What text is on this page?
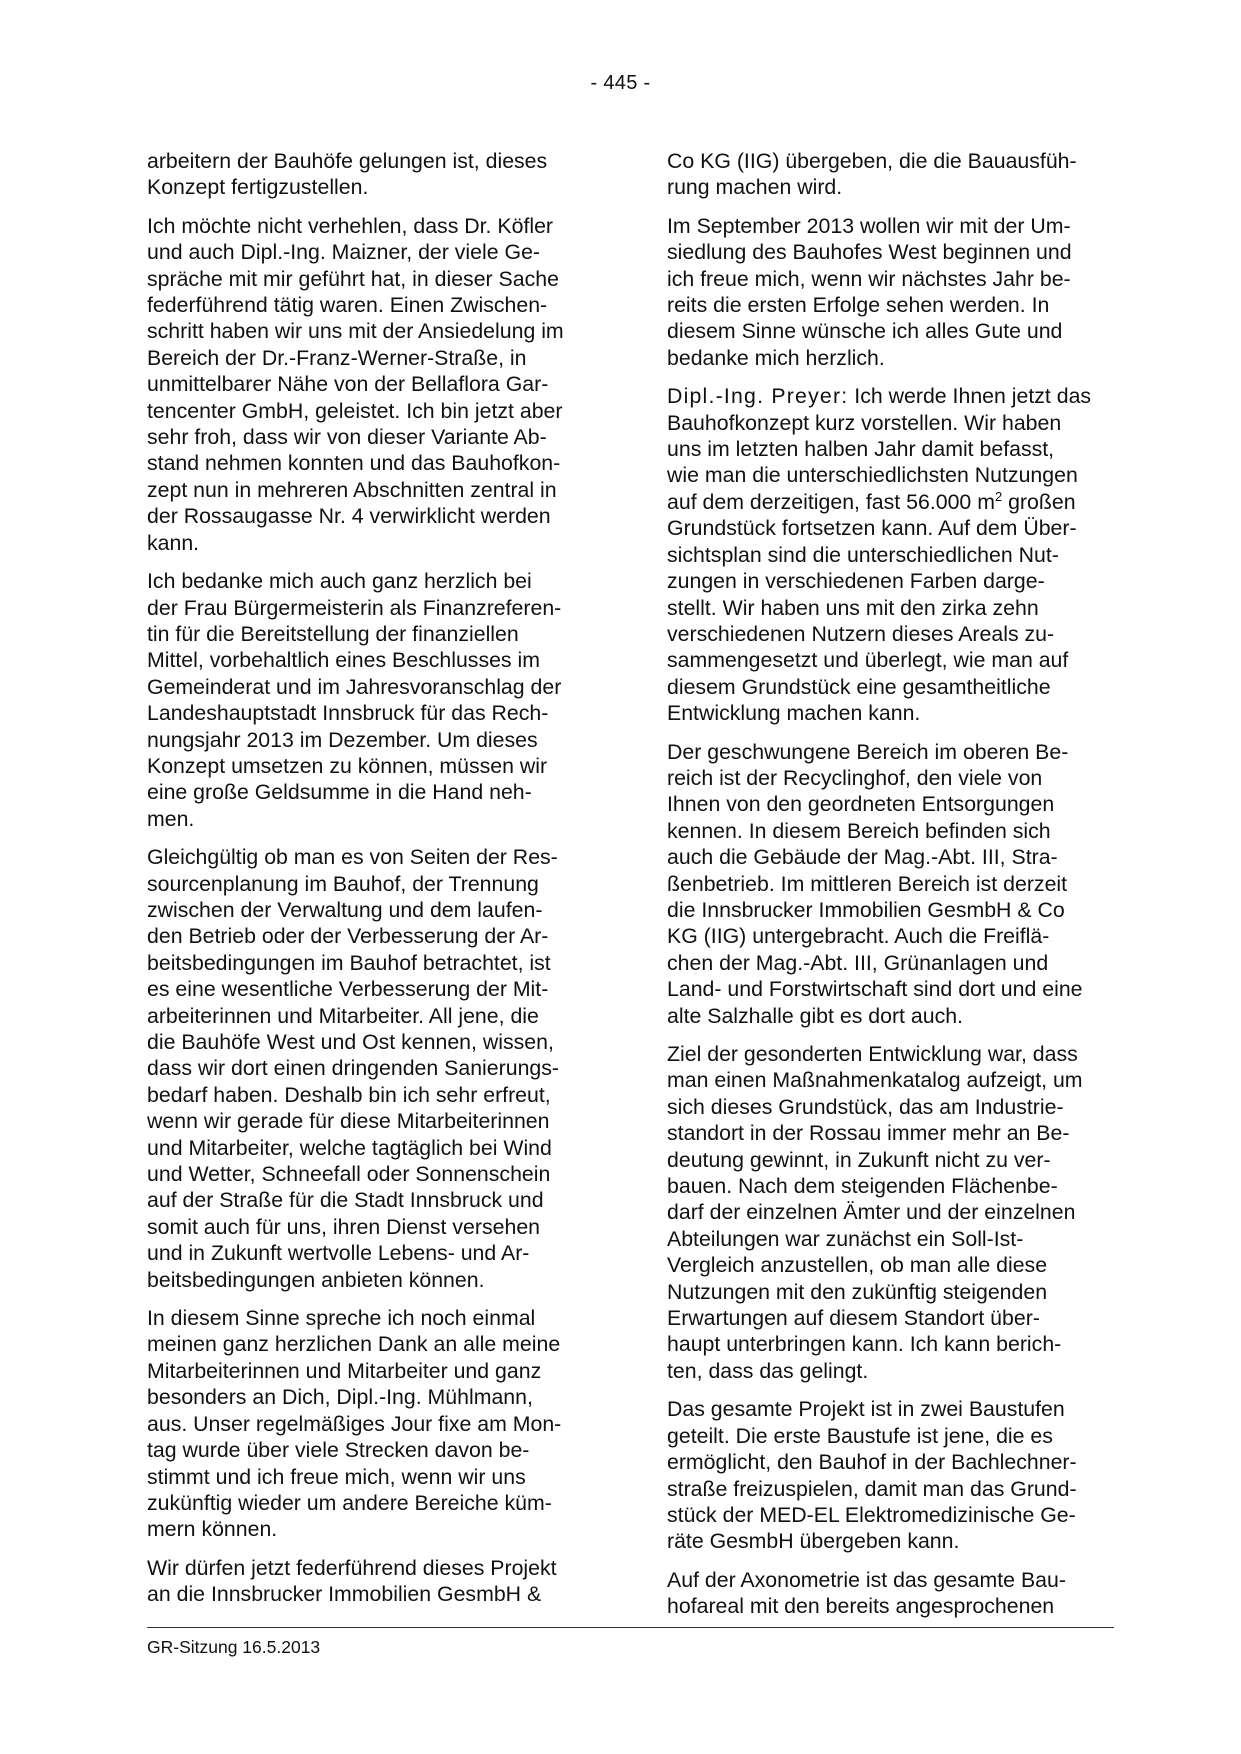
- 445 -

arbeitern der Bauhöfe gelungen ist, dieses
Konzept fertigzustellen.

Ich möchte nicht verhehlen, dass Dr. Köfler
und auch Dipl.-Ing. Maizner, der viele Ge-
spräche mit mir geführt hat, in dieser Sache
federführend tätig waren. Einen Zwischen-
schritt haben wir uns mit der Ansiedelung im
Bereich der Dr.-Franz-Werner-Straße, in
unmittelbarer Nähe von der Bellaflora Gar-
tencenter GmbH, geleistet. Ich bin jetzt aber
sehr froh, dass wir von dieser Variante Ab-
stand nehmen konnten und das Bauhofkon-
zept nun in mehreren Abschnitten zentral in
der Rossaugasse Nr. 4 verwirklicht werden
kann.

Ich bedanke mich auch ganz herzlich bei
der Frau Bürgermeisterin als Finanzreferen-
tin für die Bereitstellung der finanziellen
Mittel, vorbehaltlich eines Beschlusses im
Gemeinderat und im Jahresvoranschlag der
Landeshauptstadt Innsbruck für das Rech-
nungsjahr 2013 im Dezember. Um dieses
Konzept umsetzen zu können, müssen wir
eine große Geldsumme in die Hand neh-
men.

Gleichgültig ob man es von Seiten der Res-
sourcenplanung im Bauhof, der Trennung
zwischen der Verwaltung und dem laufen-
den Betrieb oder der Verbesserung der Ar-
beitsbedingungen im Bauhof betrachtet, ist
es eine wesentliche Verbesserung der Mit-
arbeiterinnen und Mitarbeiter. All jene, die
die Bauhöfe West und Ost kennen, wissen,
dass wir dort einen dringenden Sanierungs-
bedarf haben. Deshalb bin ich sehr erfreut,
wenn wir gerade für diese Mitarbeiterinnen
und Mitarbeiter, welche tagtäglich bei Wind
und Wetter, Schneefall oder Sonnenschein
auf der Straße für die Stadt Innsbruck und
somit auch für uns, ihren Dienst versehen
und in Zukunft wertvolle Lebens- und Ar-
beitsbedingungen anbieten können.

In diesem Sinne spreche ich noch einmal
meinen ganz herzlichen Dank an alle meine
Mitarbeiterinnen und Mitarbeiter und ganz
besonders an Dich, Dipl.-Ing. Mühlmann,
aus. Unser regelmäßiges Jour fixe am Mon-
tag wurde über viele Strecken davon be-
stimmt und ich freue mich, wenn wir uns
zukünftig wieder um andere Bereiche küm-
mern können.

Wir dürfen jetzt federführend dieses Projekt
an die Innsbrucker Immobilien GesmbH &

Co KG (IIG) übergeben, die die Bauausfüh-
rung machen wird.

Im September 2013 wollen wir mit der Um-
siedlung des Bauhofes West beginnen und
ich freue mich, wenn wir nächstes Jahr be-
reits die ersten Erfolge sehen werden. In
diesem Sinne wünsche ich alles Gute und
bedanke mich herzlich.

Dipl.-Ing. Preyer: Ich werde Ihnen jetzt das
Bauhofkonzept kurz vorstellen. Wir haben
uns im letzten halben Jahr damit befasst,
wie man die unterschiedlichsten Nutzungen
auf dem derzeitigen, fast 56.000 $m^2$ großen
Grundstück fortsetzen kann. Auf dem Über-
sichtsplan sind die unterschiedlichen Nut-
zungen in verschiedenen Farben darge-
stellt. Wir haben uns mit den zirka zehn
verschiedenen Nutzern dieses Areals zu-
sammengesetzt und überlegt, wie man auf
diesem Grundstück eine gesamtheitliche
Entwicklung machen kann.

Der geschwungene Bereich im oberen Be-
reich ist der Recyclinghof, den viele von
Ihnen von den geordneten Entsorgungen
kennen. In diesem Bereich befinden sich
auch die Gebäude der Mag.-Abt. III, Stra-
ßenbetrieb. Im mittleren Bereich ist derzeit
die Innsbrucker Immobilien GesmbH & Co
KG (IIG) untergebracht. Auch die Freiflä-
chen der Mag.-Abt. III, Grünanlagen und
Land- und Forstwirtschaft sind dort und eine
alte Salzhalle gibt es dort auch.

Ziel der gesonderten Entwicklung war, dass
man einen Maßnahmenkatalog aufzeigt, um
sich dieses Grundstück, das am Industrie-
standort in der Rossau immer mehr an Be-
deutung gewinnt, in Zukunft nicht zu ver-
bauen. Nach dem steigenden Flächenbe-
darf der einzelnen Ämter und der einzelnen
Abteilungen war zunächst ein Soll-Ist-
Vergleich anzustellen, ob man alle diese
Nutzungen mit den zukünftig steigenden
Erwartungen auf diesem Standort über-
haupt unterbringen kann. Ich kann berich-
ten, dass das gelingt.

Das gesamte Projekt ist in zwei Baustufen
geteilt. Die erste Baustufe ist jene, die es
ermöglicht, den Bauhof in der Bachlechner-
straße freizuspielen, damit man das Grund-
stück der MED-EL Elektromedizinische Ge-
räte GesmbH übergeben kann.

Auf der Axonometrie ist das gesamte Bau-
hofareal mit den bereits angesprochenen

GR-Sitzung 16.5.2013
